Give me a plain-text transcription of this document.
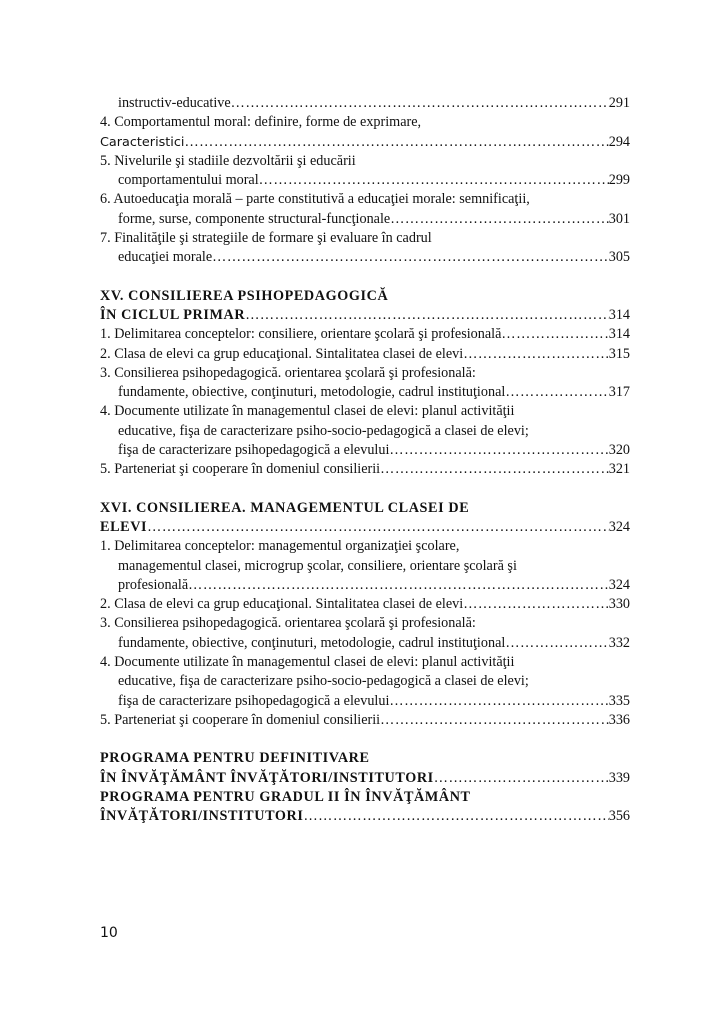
instructiv-educative …………………………………………………………………………………………………………………………………………………………………………………………………	291
4. Comportamentul moral: definire, forme de exprimare,
Caracteristici …………………………………………………………………………………………………………………………………………………………………………………………………	294
5. Nivelurile şi stadiile dezvoltării şi educării
comportamentului moral …………………………………………………………………………………………………………………………………………………………………………………………………	299
6. Autoeducaţia morală – parte constitutivă a educaţiei morale: semnificaţii,
forme, surse, componente structural-funcţionale …………………………………………………………………………………………………………………………………………………………………………………………………	301
7. Finalităţile şi strategiile de formare şi evaluare în cadrul
educaţiei morale …………………………………………………………………………………………………………………………………………………………………………………………………	305
XV. CONSILIEREA PSIHOPEDAGOGICĂ
ÎN CICLUL PRIMAR …………………………………………………………………………………………………………………………………………………………………………………………………	314
1. Delimitarea conceptelor: consiliere, orientare şcolară şi profesională …………………………………………………………………………………………………………………………………………………………………………………………………	314
2. Clasa de elevi ca grup educaţional. Sintalitatea clasei de elevi …………………………………………………………………………………………………………………………………………………………………………………………………	315
3. Consilierea psihopedagogică. orientarea şcolară şi profesională:
fundamente, obiective, conţinuturi, metodologie, cadrul instituţional …………………………………………………………………………………………………………………………………………………………………………………………………	317
4. Documente utilizate în managementul clasei de elevi: planul activităţii
educative, fişa de caracterizare psiho-socio-pedagogică a clasei de elevi;
fişa de caracterizare psihopedagogică a elevului …………………………………………………………………………………………………………………………………………………………………………………………………	320
5. Parteneriat şi cooperare în domeniul consilierii …………………………………………………………………………………………………………………………………………………………………………………………………	321
XVI. CONSILIEREA. MANAGEMENTUL CLASEI DE
ELEVI …………………………………………………………………………………………………………………………………………………………………………………………………	324
1. Delimitarea conceptelor: managementul organizaţiei şcolare,
managementul clasei, microgrup şcolar, consiliere, orientare şcolară şi
profesională …………………………………………………………………………………………………………………………………………………………………………………………………	324
2. Clasa de elevi ca grup educaţional. Sintalitatea clasei de elevi …………………………………………………………………………………………………………………………………………………………………………………………………	330
3. Consilierea psihopedagogică. orientarea şcolară şi profesională:
fundamente, obiective, conţinuturi, metodologie, cadrul instituţional …………………………………………………………………………………………………………………………………………………………………………………………………	332
4. Documente utilizate în managementul clasei de elevi: planul activităţii
educative, fişa de caracterizare psiho-socio-pedagogică a clasei de elevi;
fişa de caracterizare psihopedagogică a elevului …………………………………………………………………………………………………………………………………………………………………………………………………	335
5. Parteneriat şi cooperare în domeniul consilierii …………………………………………………………………………………………………………………………………………………………………………………………………	336
PROGRAMA PENTRU DEFINITIVARE
ÎN ÎNVĂŢĂMÂNT ÎNVĂŢĂTORI/INSTITUTORI …………………………………………………………………………………………………………………………………………………………………………………………………	339
PROGRAMA PENTRU GRADUL II ÎN ÎNVĂŢĂMÂNT
ÎNVĂŢĂTORI/INSTITUTORI …………………………………………………………………………………………………………………………………………………………………………………………………	356
10
